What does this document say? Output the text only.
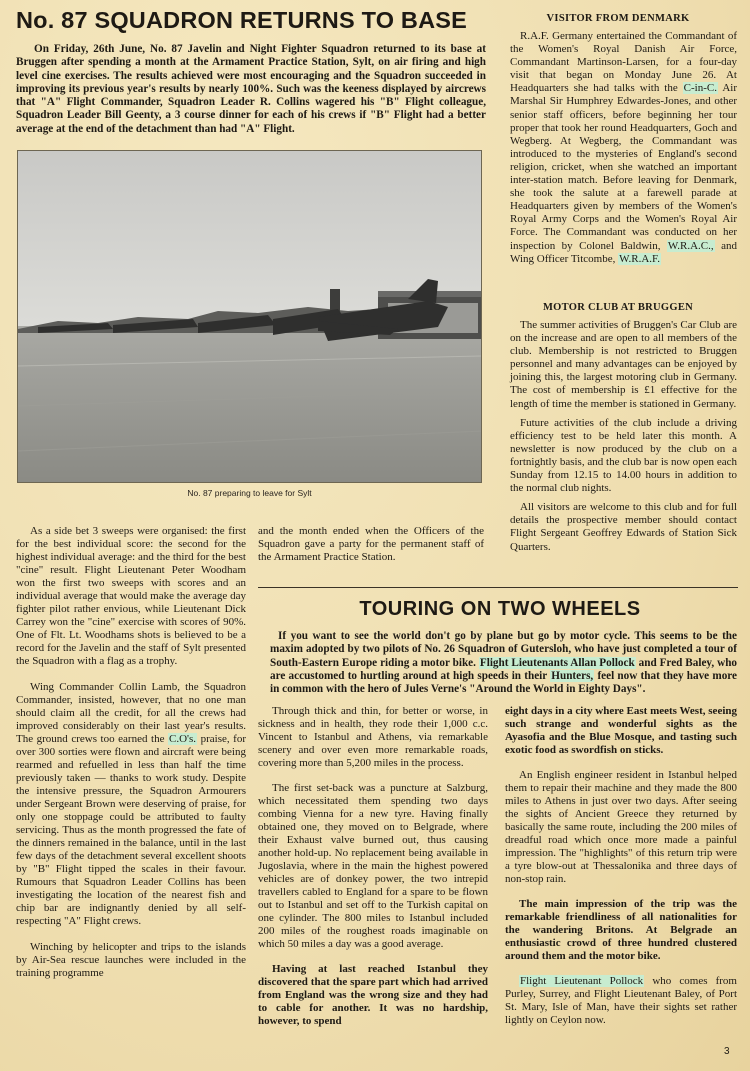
No. 87 SQUADRON RETURNS TO BASE

On Friday, 26th June, No. 87 Javelin and Night Fighter Squadron returned to its base at Bruggen after spending a month at the Armament Practice Station, Sylt, on air firing and high level cine exercises. The results achieved were most encouraging and the Squadron succeeded in improving its previous year's results by nearly 100%. Such was the keeness displayed by aircrews that "A" Flight Commander, Squadron Leader R. Collins wagered his "B" Flight colleague, Squadron Leader Bill Geenty, a 3 course dinner for each of his crews if "B" Flight had a better average at the end of the detachment than had "A" Flight.

No. 87 preparing to leave for Sylt

As a side bet 3 sweeps were organised: the first for the best individual score: the second for the highest individual average: and the third for the best "cine" result. Flight Lieutenant Peter Woodham won the first two sweeps with scores and an individual average that would make the average day fighter pilot rather envious, while Lieutenant Dick Carrey won the "cine" exercise with scores of 90%. One of Flt. Lt. Woodhams shots is believed to be a record for the Javelin and the staff of Sylt presented the Squadron with a flag as a trophy.

Wing Commander Collin Lamb, the Squadron Commander, insisted, however, that no one man should claim all the credit, for all the crews had improved considerably on their last year's results. The ground crews too earned the C.O's. praise, for over 300 sorties were flown and aircraft were being rearmed and refuelled in less than half the time previously taken — thanks to work study. Despite the intensive pressure, the Squadron Armourers under Sergeant Brown were deserving of praise, for only one stoppage could be attributed to faulty servicing. Thus as the month progressed the fate of the dinners remained in the balance, until in the last few days of the detachment several excellent shoots by "B" Flight tipped the scales in their favour. Rumours that Squadron Leader Collins has been investigating the location of the nearest fish and chip bar are indignantly denied by all self-respecting "A" Flight crews.

Winching by helicopter and trips to the islands by Air-Sea rescue launches were included in the training programme

and the month ended when the Officers of the Squadron gave a party for the permanent staff of the Armament Practice Station.

VISITOR FROM DENMARK

R.A.F. Germany entertained the Commandant of the Women's Royal Danish Air Force, Commandant Martinson-Larsen, for a four-day visit that began on Monday June 26. At Headquarters she had talks with the C-in-C. Air Marshal Sir Humphrey Edwardes-Jones, and other senior staff officers, before beginning her tour proper that took her round Headquarters, Goch and Wegberg. At Wegberg, the Commandant was introduced to the mysteries of England's second religion, cricket, when she watched an important inter-station match. Before leaving for Denmark, she took the salute at a farewell parade at Headquarters given by members of the Women's Royal Army Corps and the Women's Royal Air Force. The Commandant was conducted on her inspection by Colonel Baldwin, W.R.A.C., and Wing Officer Titcombe, W.R.A.F.

MOTOR CLUB AT BRUGGEN

The summer activities of Bruggen's Car Club are on the increase and are open to all members of the club. Membership is not restricted to Bruggen personnel and many advantages can be enjoyed by joining this, the largest motoring club in Germany. The cost of membership is £1 effective for the length of time the member is stationed in Germany.

Future activities of the club include a driving efficiency test to be held later this month. A newsletter is now produced by the club on a fortnightly basis, and the club bar is now open each Sunday from 12.15 to 14.00 hours in addition to the normal club nights.

All visitors are welcome to this club and for full details the prospective member should contact Flight Sergeant Geoffrey Edwards of Station Sick Quarters.

TOURING ON TWO WHEELS

If you want to see the world don't go by plane but go by motor cycle. This seems to be the maxim adopted by two pilots of No. 26 Squadron of Gutersloh, who have just completed a tour of South-Eastern Europe riding a motor bike. Flight Lieutenants Allan Pollock and Fred Baley, who are accustomed to hurtling around at high speeds in their Hunters, feel now that they have more in common with the hero of Jules Verne's "Around the World in Eighty Days".

Through thick and thin, for better or worse, in sickness and in health, they rode their 1,000 c.c. Vincent to Istanbul and Athens, via remarkable scenery and over even more remarkable roads, covering more than 5,200 miles in the process.

The first set-back was a puncture at Salzburg, which necessitated them spending two days combing Vienna for a new tyre. Having finally obtained one, they moved on to Belgrade, where their Exhaust valve burned out, thus causing another hold-up. No replacement being available in Jugoslavia, where in the main the highest powered vehicles are of donkey power, the two intrepid travellers cabled to England for a spare to be flown out to Istanbul and set off to the Turkish capital on one cylinder. The 800 miles to Istanbul included 200 miles of the roughest roads imaginable on which 50 miles a day was a good average.

Having at last reached Istanbul they discovered that the spare part which had arrived from England was the wrong size and they had to cable for another. It was no hardship, however, to spend

eight days in a city where East meets West, seeing such strange and wonderful sights as the Ayasofia and the Blue Mosque, and tasting such exotic food as swordfish on sticks.

An English engineer resident in Istanbul helped them to repair their machine and they made the 800 miles to Athens in just over two days. After seeing the sights of Ancient Greece they returned by basically the same route, including the 200 miles of dreadful road which once more made a painful impression. The "highlights" of this return trip were a tyre blow-out at Thessalonika and three days of non-stop rain.

The main impression of the trip was the remarkable friendliness of all nationalities for the wandering Britons. At Belgrade an enthusiastic crowd of three hundred clustered around them and the motor bike.

Flight Lieutenant Pollock who comes from Purley, Surrey, and Flight Lieutenant Baley, of Port St. Mary, Isle of Man, have their sights set rather lightly on Ceylon now.

3
